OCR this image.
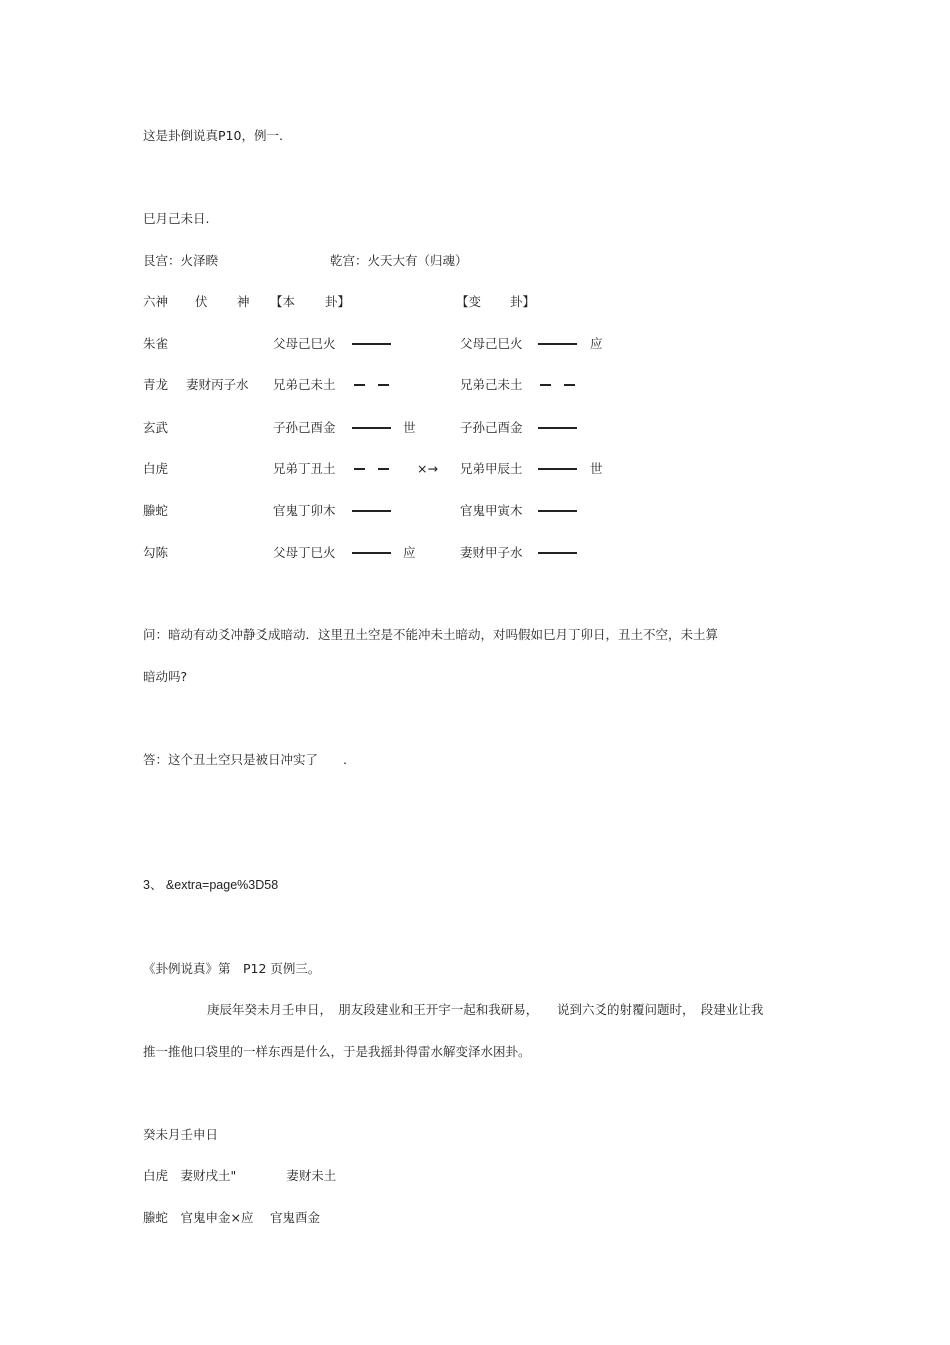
这是卦倒说真P10，例一.
巳月己未日.
艮宫：火泽睽	乾宫：火天大有（归魂）
六神 伏 神 【本 卦】	【变 卦】
朱雀	父母己巳火	父母己巳火	应
青龙 妻财丙子水 兄弟己未土	兄弟己未土
玄武	子孙己酉金	世	子孙己酉金
白虎	兄弟丁丑土	×→ 兄弟甲辰土	世
螣蛇	官鬼丁卯木	官鬼甲寅木
勾陈	父母丁巳火	应	妻财甲子水
问：暗动有动爻冲静爻成暗动．这里丑土空是不能冲未土暗动，对吗假如巳月丁卯日，丑土不空，未土算
暗动吗?
答：这个丑土空只是被日冲实了　　.
3、 &extra=page%3D58
《卦例说真》第　P12 页例三。
庚辰年癸未月壬申日，　朋友段建业和王开宇一起和我研易，　　说到六爻的射覆问题时，　段建业让我
推一推他口袋里的一样东西是什么，于是我摇卦得雷水解变泽水困卦。
癸未月壬申日
白虎　妻财戌土"　　　　妻财未土
螣蛇　官鬼申金×应　 官鬼酉金
